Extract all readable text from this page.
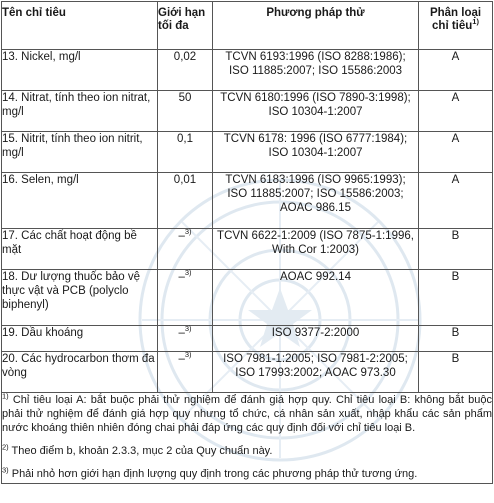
Tên chỉ tiêu	Giới hạn
tối đa	Phương pháp thử	Phân loại
chỉ tiêu$^{1)}$
13. Nickel, mg/l	0,02	TCVN 6193:1996 (ISO 8288:1986);
ISO 11885:2007; ISO 15586:2003	A
14. Nitrat, tính theo ion nitrat, mg/l	50	TCVN 6180:1996 (ISO 7890-3:1998);
ISO 10304-1:2007	A
15. Nitrit, tính theo ion nitrit, mg/l	0,1	TCVN 6178: 1996 (ISO 6777:1984);
ISO 10304-1:2007	A
16. Selen, mg/l	0,01	TCVN 6183:1996 (ISO 9965:1993);
ISO 11885:2007; ISO 15586:2003;
AOAC 986.15	A
17. Các chất hoạt động bề mặt	–$^{3)}$	TCVN 6622-1:2009 (ISO 7875-1:1996,
With Cor 1:2003)	B
18. Dư lượng thuốc bảo vệ thực vật và PCB (polyclo biphenyl)	–$^{3)}$	AOAC 992.14	B
19. Dầu khoáng	–$^{3)}$	ISO 9377-2:2000	B
20. Các hydrocarbon thơm đa vòng	–$^{3)}$	ISO 7981-1:2005; ISO 7981-2:2005;
ISO 17993:2002; AOAC 973.30	B

$^{1)}$ Chỉ tiêu loại A: bắt buộc phải thử nghiệm để đánh giá hợp quy. Chỉ tiêu loại B: không bắt buộc phải thử nghiệm để đánh giá hợp quy nhưng tổ chức, cá nhân sản xuất, nhập khẩu các sản phẩm nước khoáng thiên nhiên đóng chai phải đáp ứng các quy định đối với chỉ tiêu loại B.

$^{2)}$ Theo điểm b, khoản 2.3.3, mục 2 của Quy chuẩn này.

$^{3)}$ Phải nhỏ hơn giới hạn định lượng quy định trong các phương pháp thử tương ứng.			
